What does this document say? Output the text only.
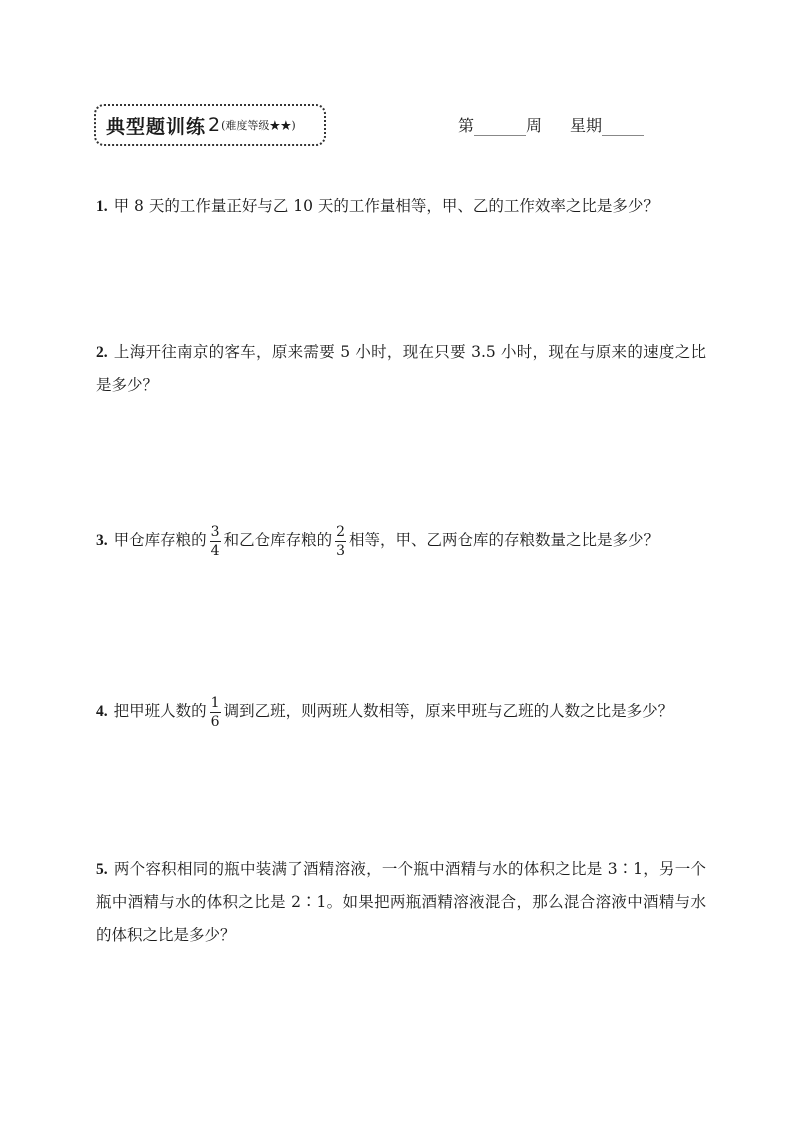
典型题训练 2 (难度等级★★)	第	周 星期
1. 甲 8 天的工作量正好与乙 10 天的工作量相等，甲、乙的工作效率之比是多少？
2. 上海开往南京的客车，原来需要 5 小时，现在只要 3.5 小时，现在与原来的速度之比是多少？
3. 甲仓库存粮的 $\frac{3}{4}$ 和乙仓库存粮的 $\frac{2}{3}$ 相等，甲、乙两仓库的存粮数量之比是多少？
4. 把甲班人数的 $\frac{1}{6}$ 调到乙班，则两班人数相等，原来甲班与乙班的人数之比是多少？
5. 两个容积相同的瓶中装满了酒精溶液，一个瓶中酒精与水的体积之比是 3∶1，另一个瓶中酒精与水的体积之比是 2∶1。如果把两瓶酒精溶液混合，那么混合溶液中酒精与水的体积之比是多少？
